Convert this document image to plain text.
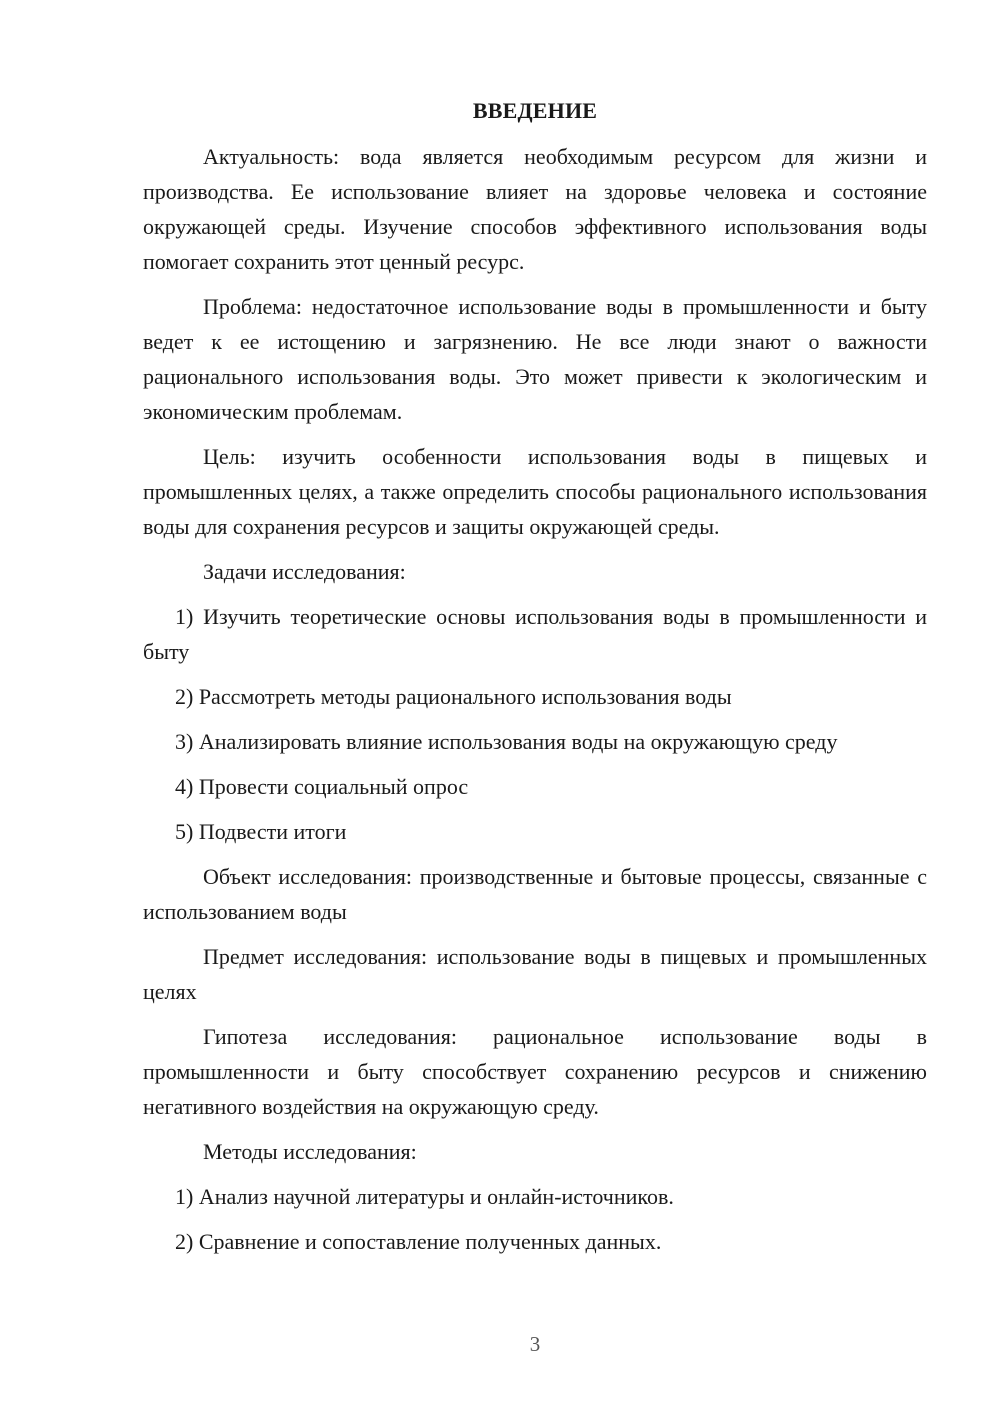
ВВЕДЕНИЕ

Актуальность: вода является необходимым ресурсом для жизни и производства. Ее использование влияет на здоровье человека и состояние окружающей среды. Изучение способов эффективного использования воды помогает сохранить этот ценный ресурс.

Проблема: недостаточное использование воды в промышленности и быту ведет к ее истощению и загрязнению. Не все люди знают о важности рационального использования воды. Это может привести к экологическим и экономическим проблемам.

Цель: изучить особенности использования воды в пищевых и промышленных целях, а также определить способы рационального использования воды для сохранения ресурсов и защиты окружающей среды.

Задачи исследования:

1) Изучить теоретические основы использования воды в промышленности и быту

2) Рассмотреть методы рационального использования воды

3) Анализировать влияние использования воды на окружающую среду

4) Провести социальный опрос

5) Подвести итоги

Объект исследования: производственные и бытовые процессы, связанные с использованием воды

Предмет исследования: использование воды в пищевых и промышленных целях

Гипотеза исследования: рациональное использование воды в промышленности и быту способствует сохранению ресурсов и снижению негативного воздействия на окружающую среду.

Методы исследования:

1) Анализ научной литературы и онлайн-источников.

2) Сравнение и сопоставление полученных данных.

3
